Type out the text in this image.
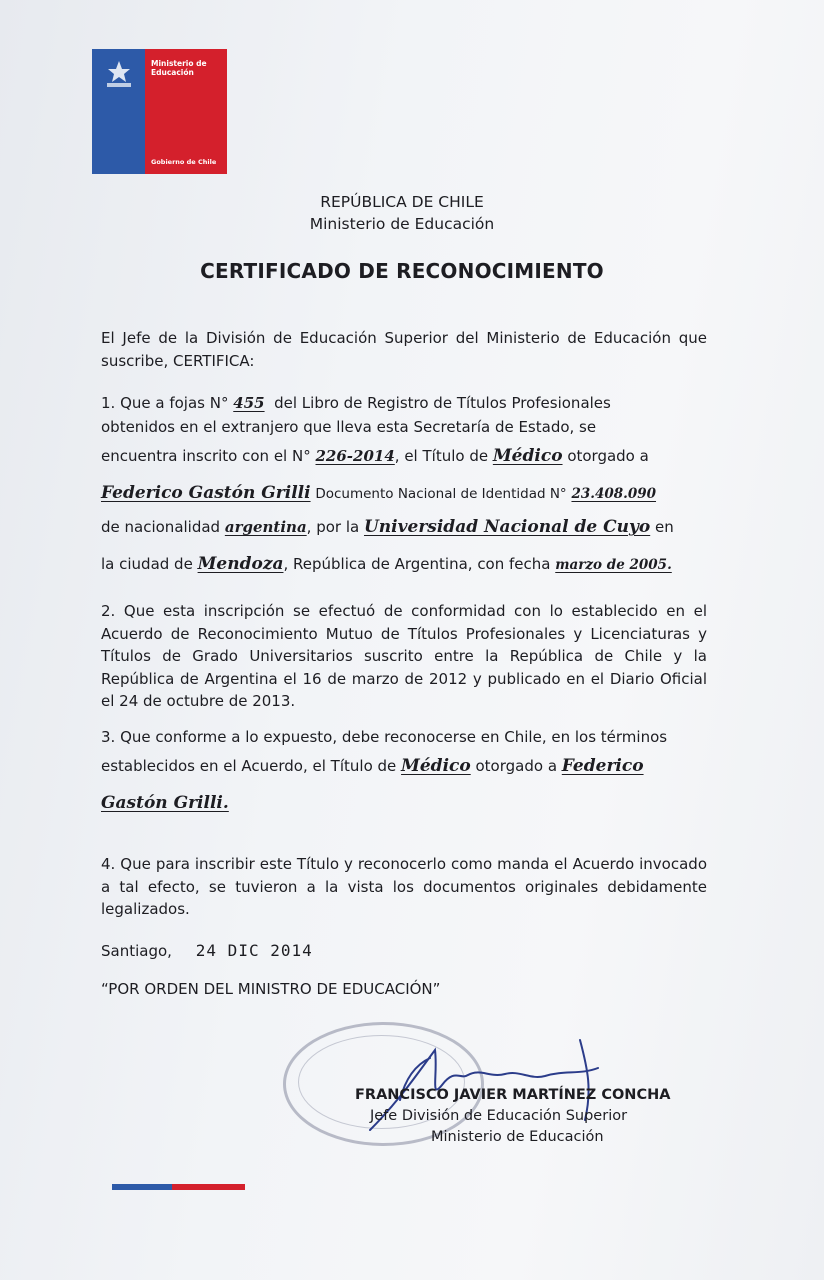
Ministerio de Educación
Gobierno de Chile
REPÚBLICA DE CHILE
Ministerio de Educación
CERTIFICADO DE RECONOCIMIENTO
El Jefe de la División de Educación Superior del Ministerio de Educación que suscribe, CERTIFICA:
1. Que a fojas N° 455 del Libro de Registro de Títulos Profesionales
obtenidos en el extranjero que lleva esta Secretaría de Estado, se
encuentra inscrito con el N° 226-2014, el Título de Médico otorgado a
Federico Gastón Grilli Documento Nacional de Identidad N° 23.408.090
de nacionalidad argentina, por la Universidad Nacional de Cuyo en
la ciudad de Mendoza, República de Argentina, con fecha marzo de 2005.
2. Que esta inscripción se efectuó de conformidad con lo establecido en el Acuerdo de Reconocimiento Mutuo de Títulos Profesionales y Licenciaturas y Títulos de Grado Universitarios suscrito entre la República de Chile y la República de Argentina el 16 de marzo de 2012 y publicado en el Diario Oficial el 24 de octubre de 2013.
3. Que conforme a lo expuesto, debe reconocerse en Chile, en los términos
establecidos en el Acuerdo, el Título de Médico otorgado a Federico
Gastón Grilli.
4. Que para inscribir este Título y reconocerlo como manda el Acuerdo invocado a tal efecto, se tuvieron a la vista los documentos originales debidamente legalizados.
Santiago, 24 DIC 2014
“POR ORDEN DEL MINISTRO DE EDUCACIÓN”
FRANCISCO JAVIER MARTÍNEZ CONCHA
Jefe División de Educación Superior
Ministerio de Educación
